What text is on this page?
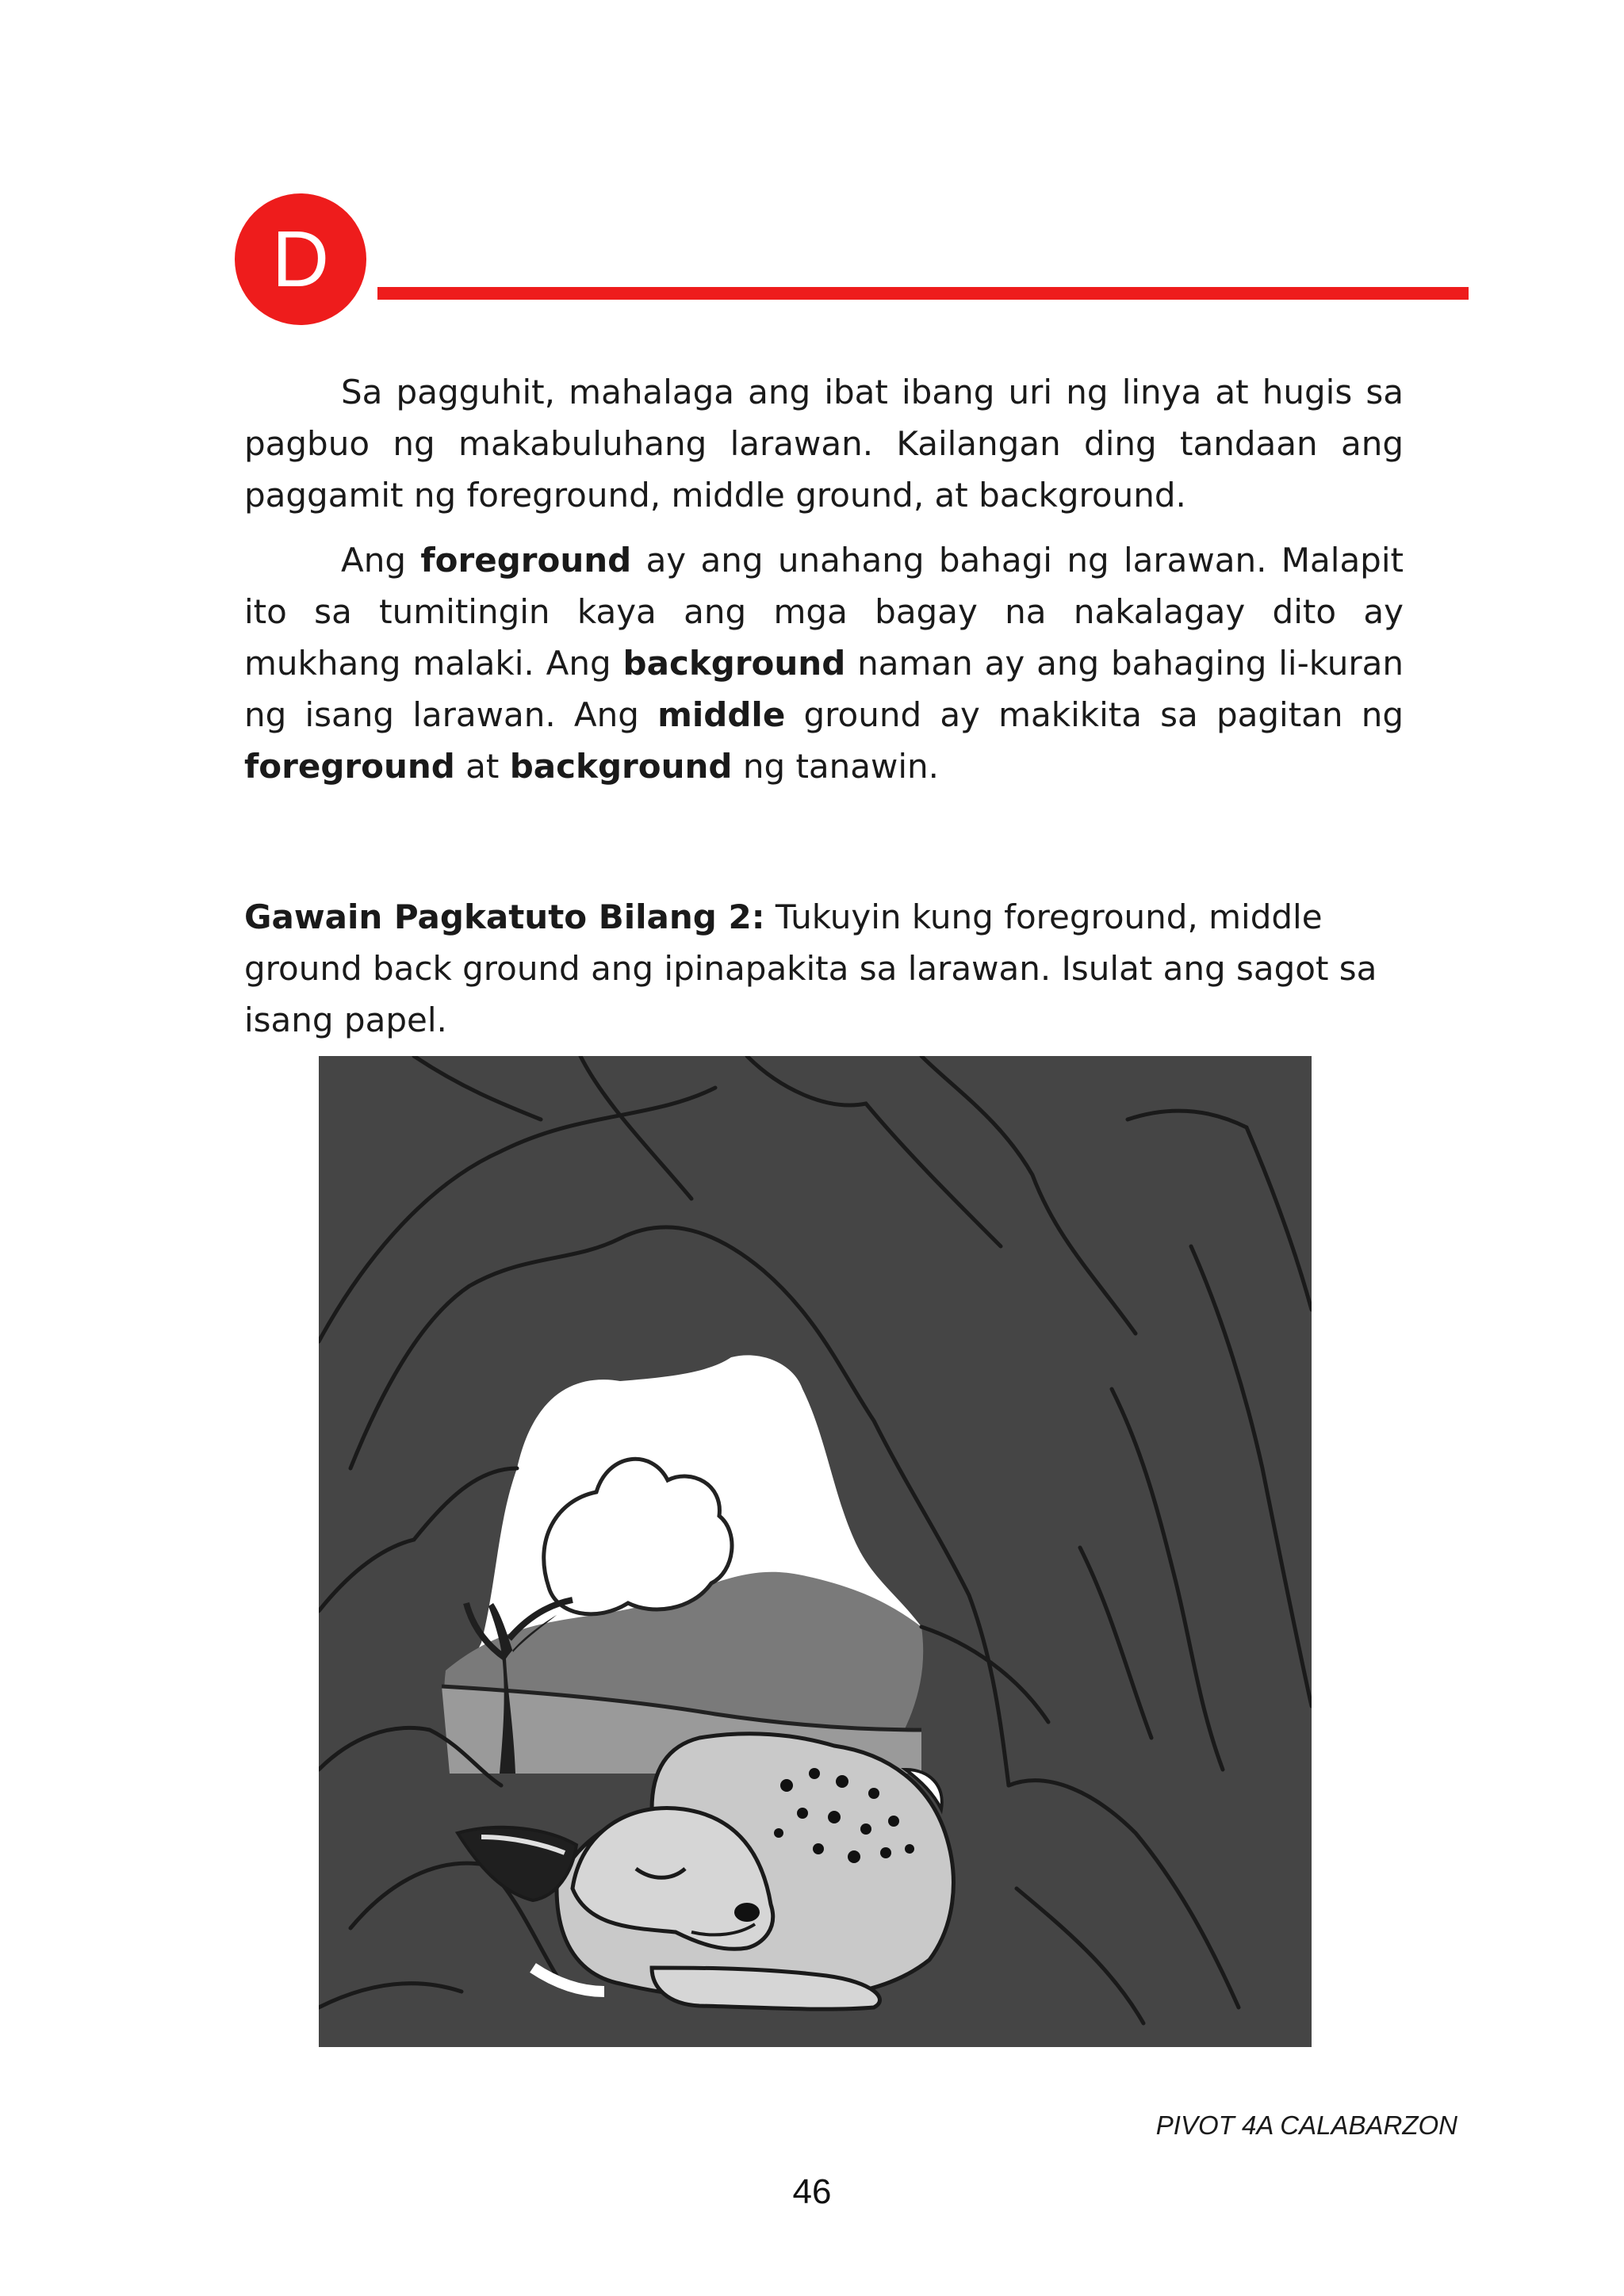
D

Sa pagguhit, mahalaga ang ibat ibang uri ng linya at hugis sa pagbuo ng makabuluhang larawan. Kailangan ding tandaan ang paggamit ng foreground, middle ground, at background.

Ang foreground ay ang unahang bahagi ng larawan. Malapit ito sa tumitingin kaya ang mga bagay na nakalagay dito ay mukhang malaki. Ang background naman ay ang bahaging li-kuran ng isang larawan. Ang middle ground ay makikita sa pagitan ng foreground at background ng tanawin.

Gawain Pagkatuto Bilang 2: Tukuyin kung foreground, middle ground back ground ang ipinapakita sa larawan. Isulat ang sagot sa isang papel.

PIVOT 4A CALABARZON
46
